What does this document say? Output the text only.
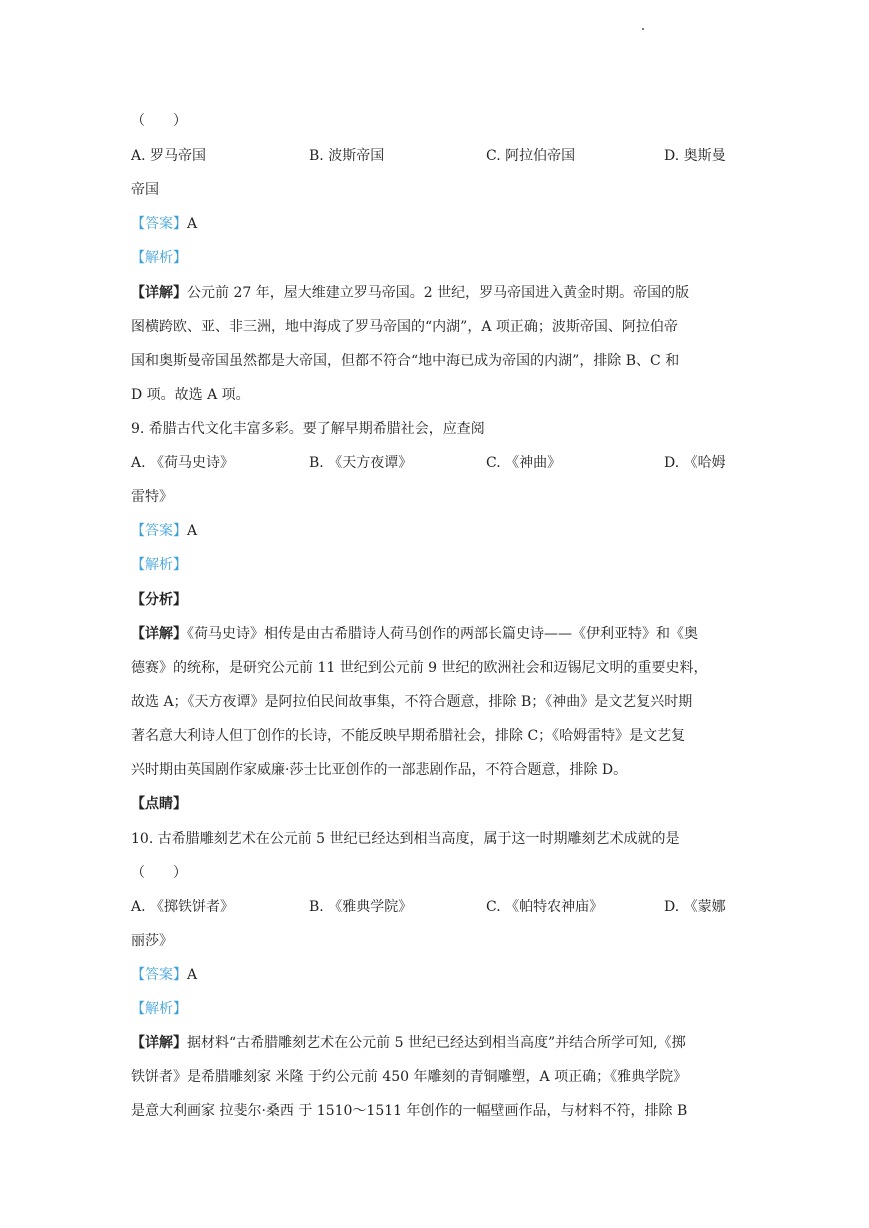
（　　）
A. 罗马帝国	B. 波斯帝国	C. 阿拉伯帝国	D. 奥斯曼
帝国
【答案】A
【解析】
【详解】 公元前 27 年，屋大维建立罗马帝国。2 世纪，罗马帝国进入黄金时期。帝国的版
图横跨欧、亚、非三洲，地中海成了罗马帝国的“内湖”，A 项正确；波斯帝国、阿拉伯帝
国和奥斯曼帝国虽然都是大帝国，但都不符合“地中海已成为帝国的内湖”，排除 B、C 和
D 项。故选 A 项。
9. 希腊古代文化丰富多彩。要了解早期希腊社会，应查阅
A. 《荷马史诗》	B. 《天方夜谭》	C. 《神曲》	D. 《哈姆
雷特》
【答案】A
【解析】
【分析】
【详解】《荷马史诗》相传是由古希腊诗人荷马创作的两部长篇史诗——《伊利亚特》和《奥
德赛》的统称，是研究公元前 11 世纪到公元前 9 世纪的欧洲社会和迈锡尼文明的重要史料，
故选 A；《天方夜谭》是阿拉伯民间故事集，不符合题意，排除 B；《神曲》是文艺复兴时期
著名意大利诗人但丁创作的长诗，不能反映早期希腊社会，排除 C；《哈姆雷特》是文艺复
兴时期由英国剧作家威廉·莎士比亚创作的一部悲剧作品，不符合题意，排除 D。
【点睛】
10. 古希腊雕刻艺术在公元前 5 世纪已经达到相当高度，属于这一时期雕刻艺术成就的是
（　　）
A. 《掷铁饼者》	B. 《雅典学院》	C. 《帕特农神庙》	D. 《蒙娜
丽莎》
【答案】A
【解析】
【详解】据材料“古希腊雕刻艺术在公元前 5 世纪已经达到相当高度”并结合所学可知,《掷
铁饼者》是希腊雕刻家 米隆 于约公元前 450 年雕刻的青铜雕塑，A 项正确；《雅典学院》
是意大利画家 拉斐尔·桑西 于 1510～1511 年创作的一幅壁画作品，与材料不符，排除 B
